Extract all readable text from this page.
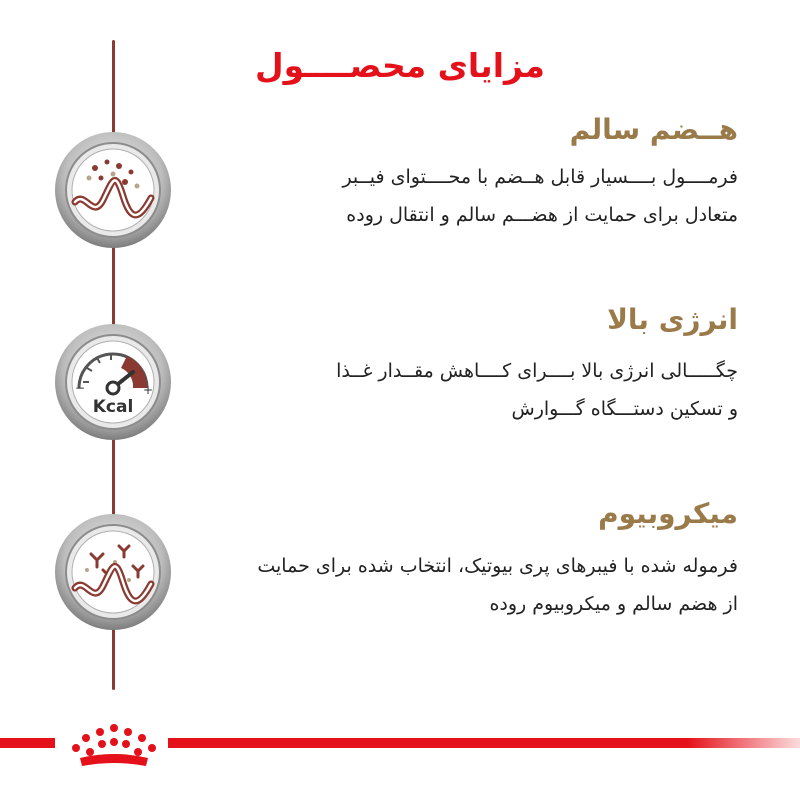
مزایای محصــــول
هــضم سالم
فرمــــول بــــسیار قابل هــضم با محــــتوای فیــبر
متعادل برای حمایت از هضـــم سالم و انتقال روده
−	+
Kcal
انرژی بالا
چگـــــالی انرژی بالا بــــرای کــــاهش مقــدار غــذا
و تسکین دستـــگاه گـــوارش
میکروبیوم
فرموله شده با فیبرهای پری بیوتیک، انتخاب شده برای حمایت
از هضم سالم و میکروبیوم روده
